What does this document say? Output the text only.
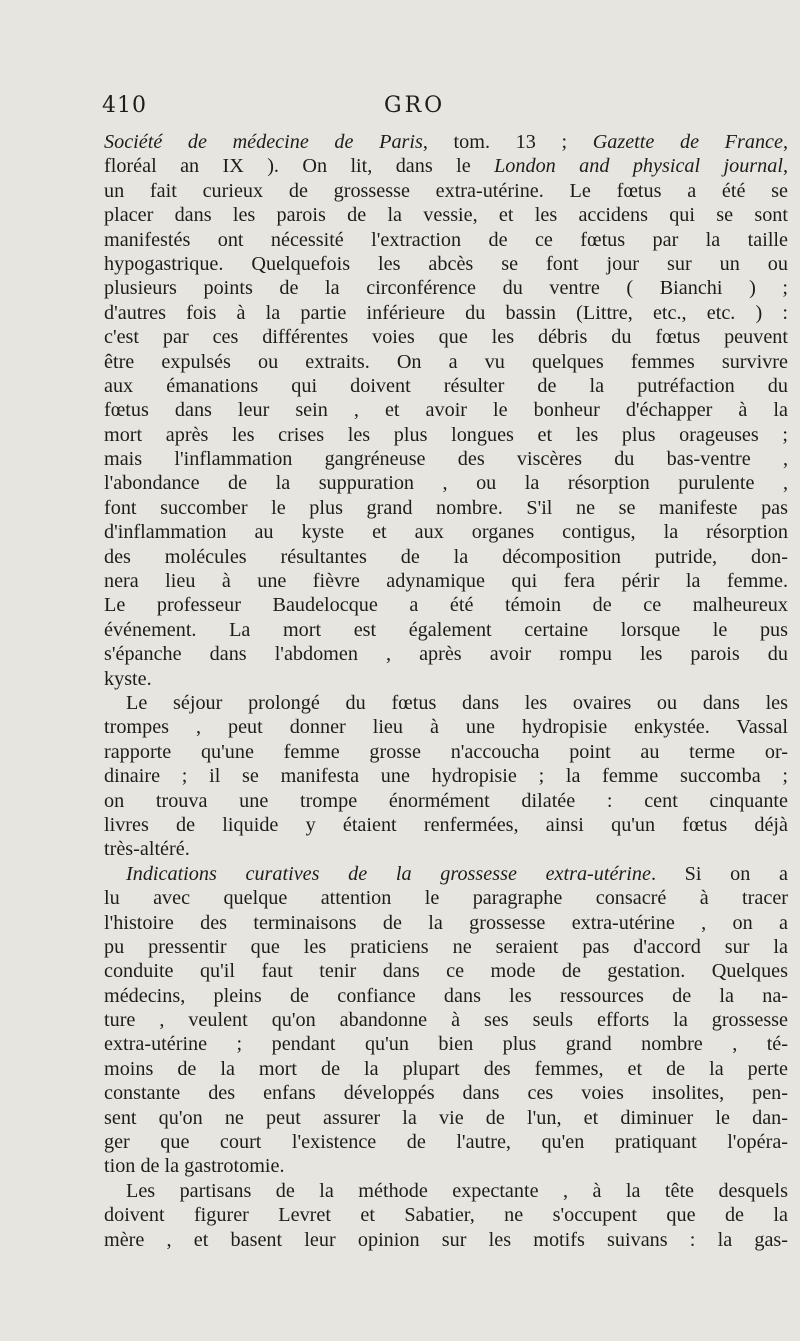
410	GRO
Société de médecine de Paris, tom. 13 ; Gazette de France,
floréal an IX ). On lit, dans le London and physical journal,
un fait curieux de grossesse extra-utérine. Le fœtus a été se
placer dans les parois de la vessie, et les accidens qui se sont
manifestés ont nécessité l'extraction de ce fœtus par la taille
hypogastrique. Quelquefois les abcès se font jour sur un ou
plusieurs points de la circonférence du ventre ( Bianchi ) ;
d'autres fois à la partie inférieure du bassin (Littre, etc., etc. ) :
c'est par ces différentes voies que les débris du fœtus peuvent
être expulsés ou extraits. On a vu quelques femmes survivre
aux émanations qui doivent résulter de la putréfaction du
fœtus dans leur sein , et avoir le bonheur d'échapper à la
mort après les crises les plus longues et les plus orageuses ;
mais l'inflammation gangréneuse des viscères du bas-ventre ,
l'abondance de la suppuration , ou la résorption purulente ,
font succomber le plus grand nombre. S'il ne se manifeste pas
d'inflammation au kyste et aux organes contigus, la résorption
des molécules résultantes de la décomposition putride, don-
nera lieu à une fièvre adynamique qui fera périr la femme.
Le professeur Baudelocque a été témoin de ce malheureux
événement. La mort est également certaine lorsque le pus
s'épanche dans l'abdomen , après avoir rompu les parois du
kyste.
Le séjour prolongé du fœtus dans les ovaires ou dans les
trompes , peut donner lieu à une hydropisie enkystée. Vassal
rapporte qu'une femme grosse n'accoucha point au terme or-
dinaire ; il se manifesta une hydropisie ; la femme succomba ;
on trouva une trompe énormément dilatée : cent cinquante
livres de liquide y étaient renfermées, ainsi qu'un fœtus déjà
très-altéré.
Indications curatives de la grossesse extra-utérine. Si on a
lu avec quelque attention le paragraphe consacré à tracer
l'histoire des terminaisons de la grossesse extra-utérine , on a
pu pressentir que les praticiens ne seraient pas d'accord sur la
conduite qu'il faut tenir dans ce mode de gestation. Quelques
médecins, pleins de confiance dans les ressources de la na-
ture , veulent qu'on abandonne à ses seuls efforts la grossesse
extra-utérine ; pendant qu'un bien plus grand nombre , té-
moins de la mort de la plupart des femmes, et de la perte
constante des enfans développés dans ces voies insolites, pen-
sent qu'on ne peut assurer la vie de l'un, et diminuer le dan-
ger que court l'existence de l'autre, qu'en pratiquant l'opéra-
tion de la gastrotomie.
Les partisans de la méthode expectante , à la tête desquels
doivent figurer Levret et Sabatier, ne s'occupent que de la
mère , et basent leur opinion sur les motifs suivans : la gas-
